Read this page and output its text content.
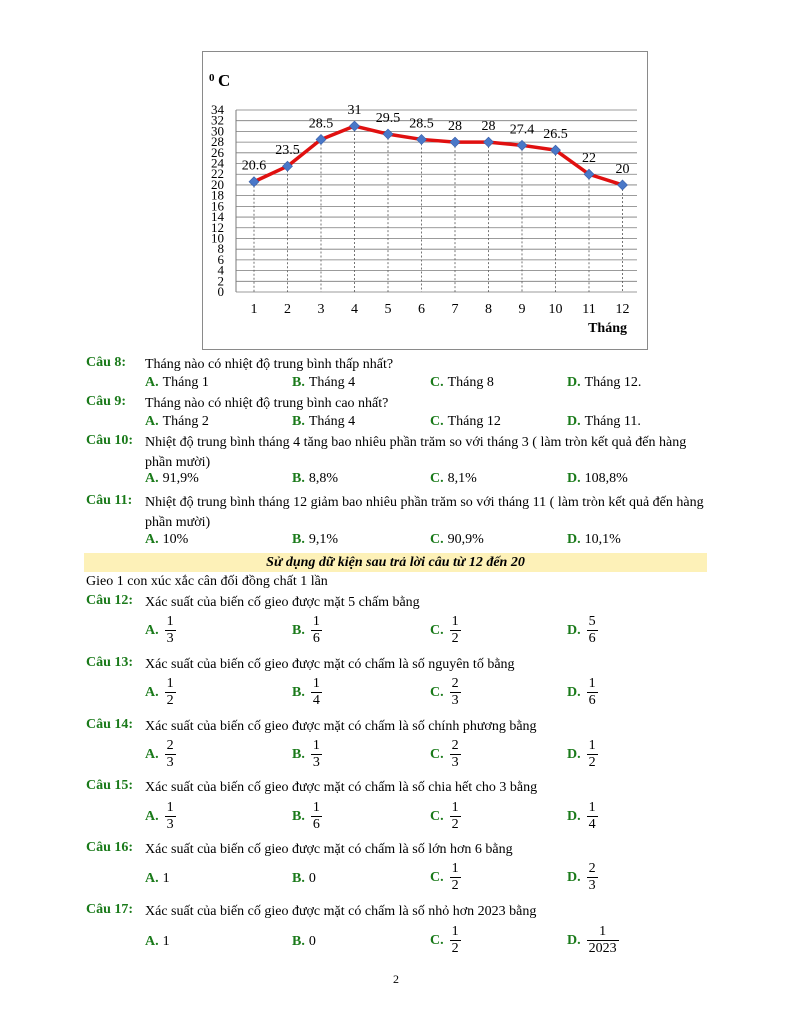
0 C
Tháng
0
2
4
6
8
10
12
14
16
18
20
22
24
26
28
30
32
34
1 2 3 4 5 6 7 8 9 10 11 12
20.6
23.5
28.5
31
29.5 28.5 28 28 27.4 26.5
22
20
Câu 8: Tháng nào có nhiệt độ trung bình thấp nhất?
A. Tháng 1	B. Tháng 4	C. Tháng 8	D. Tháng 12.
Câu 9: Tháng nào có nhiệt độ trung bình cao nhất?
A. Tháng 2	B. Tháng 4	C. Tháng 12	D. Tháng 11.
Câu 10: Nhiệt độ trung bình tháng 4 tăng bao nhiêu phần trăm so với tháng 3 ( làm tròn kết quả đến hàng phần mười)
A. 91,9%	B. 8,8%	C. 8,1%	D. 108,8%
Câu 11: Nhiệt độ trung bình tháng 12 giảm bao nhiêu phần trăm so với tháng 11 ( làm tròn kết quả đến hàng phần mười)
A. 10%	B. 9,1%	C. 90,9%	D. 10,1%
Sử dụng dữ kiện sau trả lời câu từ 12 đến 20
Gieo 1 con xúc xắc cân đối đồng chất 1 lần
Câu 12: Xác suất của biến cố gieo được mặt 5 chấm bằng
A. $\frac{1}{3}$	B. $\frac{1}{6}$	C. $\frac{1}{2}$	D. $\frac{5}{6}$
Câu 13: Xác suất của biến cố gieo được mặt có chấm là số nguyên tố bằng
A. $\frac{1}{2}$	B. $\frac{1}{4}$	C. $\frac{2}{3}$	D. $\frac{1}{6}$
Câu 14: Xác suất của biến cố gieo được mặt có chấm là số chính phương bằng
A. $\frac{2}{3}$	B. $\frac{1}{3}$	C. $\frac{2}{3}$	D. $\frac{1}{2}$
Câu 15: Xác suất của biến cố gieo được mặt có chấm là số chia hết cho 3 bằng
A. $\frac{1}{3}$	B. $\frac{1}{6}$	C. $\frac{1}{2}$	D. $\frac{1}{4}$
Câu 16: Xác suất của biến cố gieo được mặt có chấm là số lớn hơn 6 bằng
A. 1	B. 0	C. $\frac{1}{2}$	D. $\frac{2}{3}$
Câu 17: Xác suất của biến cố gieo được mặt có chấm là số nhỏ hơn 2023 bằng
A. 1	B. 0	C. $\frac{1}{2}$	D. $\frac{1}{2023}$
2
